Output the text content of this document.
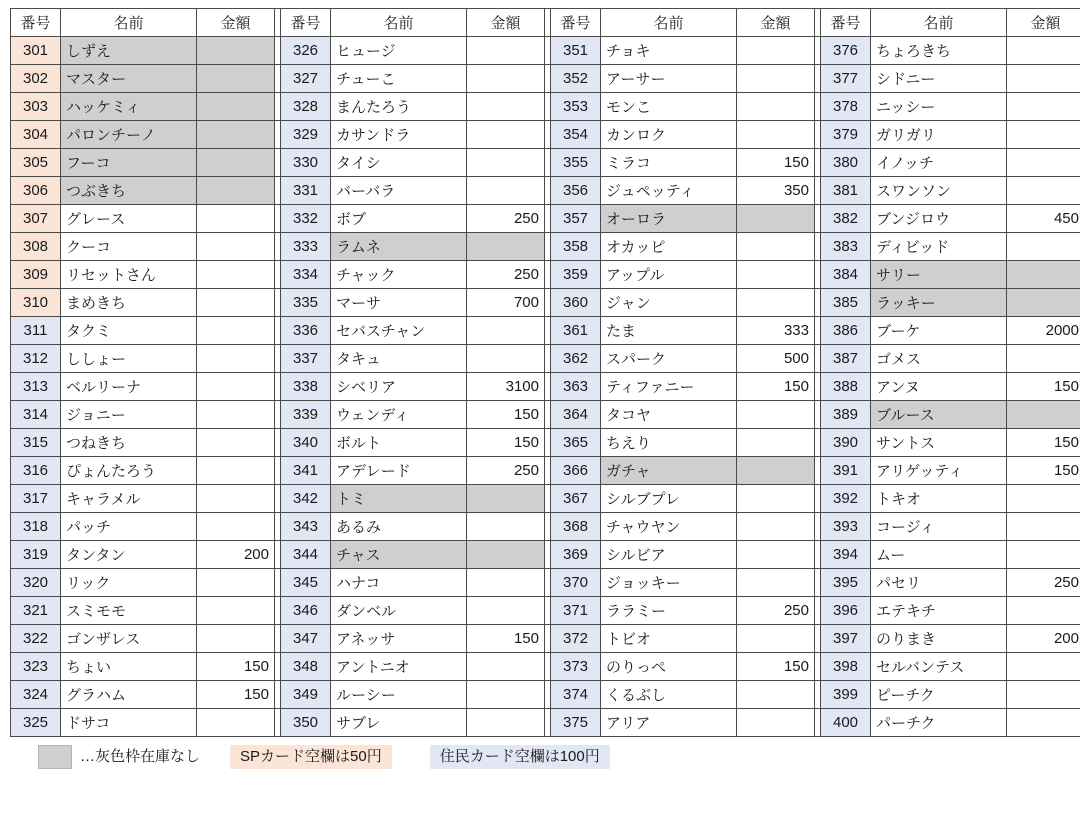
番号	名前	金額		番号	名前	金額		番号	名前	金額		番号	名前	金額
301	しずえ			326	ヒュージ			351	チョキ			376	ちょろきち	
302	マスター			327	チューこ			352	アーサー			377	シドニー	
303	ハッケミィ			328	まんたろう			353	モンこ			378	ニッシー	
304	パロンチーノ			329	カサンドラ			354	カンロク			379	ガリガリ	
305	フーコ			330	タイシ			355	ミラコ	150		380	イノッチ	
306	つぶきち			331	バーバラ			356	ジュペッティ	350		381	スワンソン	
307	グレース			332	ボブ	250		357	オーロラ			382	ブンジロウ	450
308	クーコ			333	ラムネ			358	オカッピ			383	ディビッド	
309	リセットさん			334	チャック	250		359	アップル			384	サリー	
310	まめきち			335	マーサ	700		360	ジャン			385	ラッキー	
311	タクミ			336	セバスチャン			361	たま	333		386	ブーケ	2000
312	ししょー			337	タキュ			362	スパーク	500		387	ゴメス	
313	ベルリーナ			338	シベリア	3100		363	ティファニー	150		388	アンヌ	150
314	ジョニー			339	ウェンディ	150		364	タコヤ			389	ブルース	
315	つねきち			340	ボルト	150		365	ちえり			390	サントス	150
316	ぴょんたろう			341	アデレード	250		366	ガチャ			391	アリゲッティ	150
317	キャラメル			342	トミ			367	シルブプレ			392	トキオ	
318	パッチ			343	あるみ			368	チャウヤン			393	コージィ	
319	タンタン	200		344	チャス			369	シルビア			394	ムー	
320	リック			345	ハナコ			370	ジョッキー			395	パセリ	250
321	スミモモ			346	ダンベル			371	ララミー	250		396	エテキチ	
322	ゴンザレス			347	アネッサ	150		372	トビオ			397	のりまき	200
323	ちょい	150		348	アントニオ			373	のりっぺ	150		398	セルバンテス	
324	グラハム	150		349	ルーシー			374	くるぶし			399	ピーチク	
325	ドサコ			350	サブレ			375	アリア			400	パーチク	
…灰色枠在庫なし	SPカード空欄は50円	住民カード空欄は100円
